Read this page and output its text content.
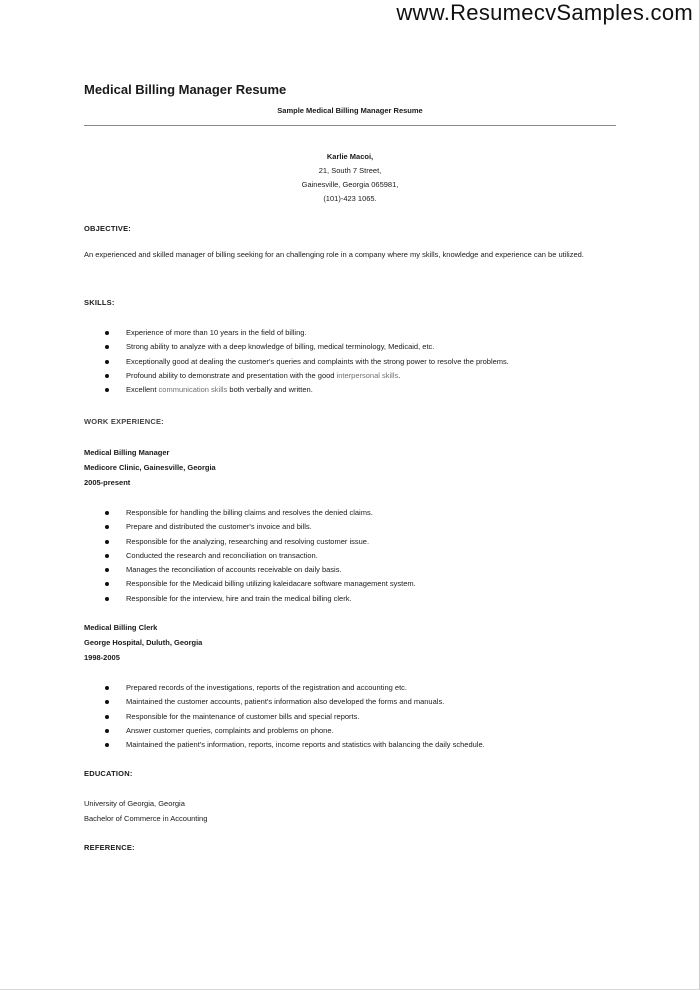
www.ResumecvSamples.com
Medical Billing Manager Resume
Sample Medical Billing Manager Resume
Karlie Macoi,
21, South 7 Street,
Gainesville, Georgia 065981,
(101)-423 1065.
OBJECTIVE:
An experienced and skilled manager of billing seeking for an challenging role in a company where my skills, knowledge and experience can be utilized.
SKILLS:
Experience of more than 10 years in the field of billing.
Strong ability to analyze with a deep knowledge of billing, medical terminology, Medicaid, etc.
Exceptionally good at dealing the customer's queries and complaints with the strong power to resolve the problems.
Profound ability to demonstrate and presentation with the good interpersonal skills.
Excellent communication skills both verbally and written.
WORK EXPERIENCE:
Medical Billing Manager
Medicore Clinic, Gainesville, Georgia
2005-present
Responsible for handling the billing claims and resolves the denied claims.
Prepare and distributed the customer's invoice and bills.
Responsible for the analyzing, researching and resolving customer issue.
Conducted the research and reconciliation on transaction.
Manages the reconciliation of accounts receivable on daily basis.
Responsible for the Medicaid billing utilizing kaleidacare software management system.
Responsible for the interview, hire and train the medical billing clerk.
Medical Billing Clerk
George Hospital, Duluth, Georgia
1998-2005
Prepared records of the investigations, reports of the registration and accounting etc.
Maintained the customer accounts, patient's information also developed the forms and manuals.
Responsible for the maintenance of customer bills and special reports.
Answer customer queries, complaints and problems on phone.
Maintained the patient's information, reports, income reports and statistics with balancing the daily schedule.
EDUCATION:
University of Georgia, Georgia
Bachelor of Commerce in Accounting
REFERENCE:
